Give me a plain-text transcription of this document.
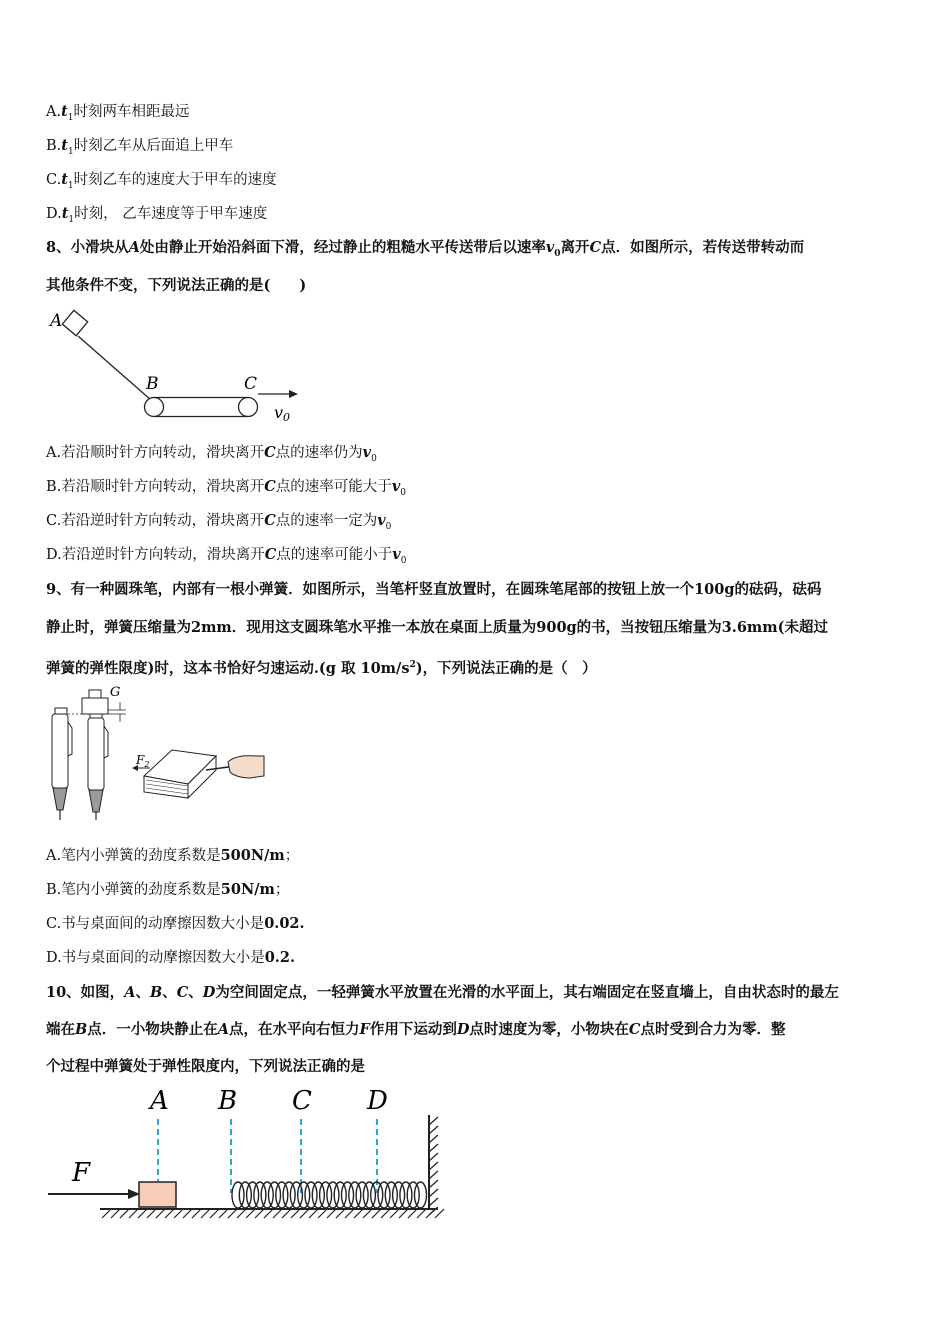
$A.t_1$时刻两车相距最远
$B.t_1$时刻乙车从后面追上甲车
$C.t_1$时刻乙车的速度大于甲车的速度
$D.t_1$时刻， 乙车速度等于甲车速度
8、小滑块从A处由静止开始沿斜面下滑，经过静止的粗糙水平传送带后以速率$v_0$离开C点．如图所示，若传送带转动而
其他条件不变，下列说法正确的是(　　)
A
B	C
v0
A.若沿顺时针方向转动，滑块离开C点的速率仍为$v_0$
B.若沿顺时针方向转动，滑块离开C点的速率可能大于$v_0$
C.若沿逆时针方向转动，滑块离开C点的速率一定为$v_0$
D.若沿逆时针方向转动，滑块离开C点的速率可能小于$v_0$
9、有一种圆珠笔，内部有一根小弹簧．如图所示，当笔杆竖直放置时，在圆珠笔尾部的按钮上放一个100g的砝码，砝码
静止时，弹簧压缩量为2mm．现用这支圆珠笔水平推一本放在桌面上质量为900g的书，当按钮压缩量为3.6mm(未超过
弹簧的弹性限度)时，这本书恰好匀速运动.(g 取 $10m/s^2$)，下列说法正确的是（　）
G
$F_2$
A.笔内小弹簧的劲度系数是500N/m；
B.笔内小弹簧的劲度系数是50N/m；
C.书与桌面间的动摩擦因数大小是0.02.
D.书与桌面间的动摩擦因数大小是0.2.
10、如图，A、B、C、D为空间固定点，一轻弹簧水平放置在光滑的水平面上，其右端固定在竖直墙上，自由状态时的最左
端在B点．一小物块静止在A点，在水平向右恒力F作用下运动到D点时速度为零，小物块在C点时受到合力为零．整
个过程中弹簧处于弹性限度内，下列说法正确的是
A B C D
F
